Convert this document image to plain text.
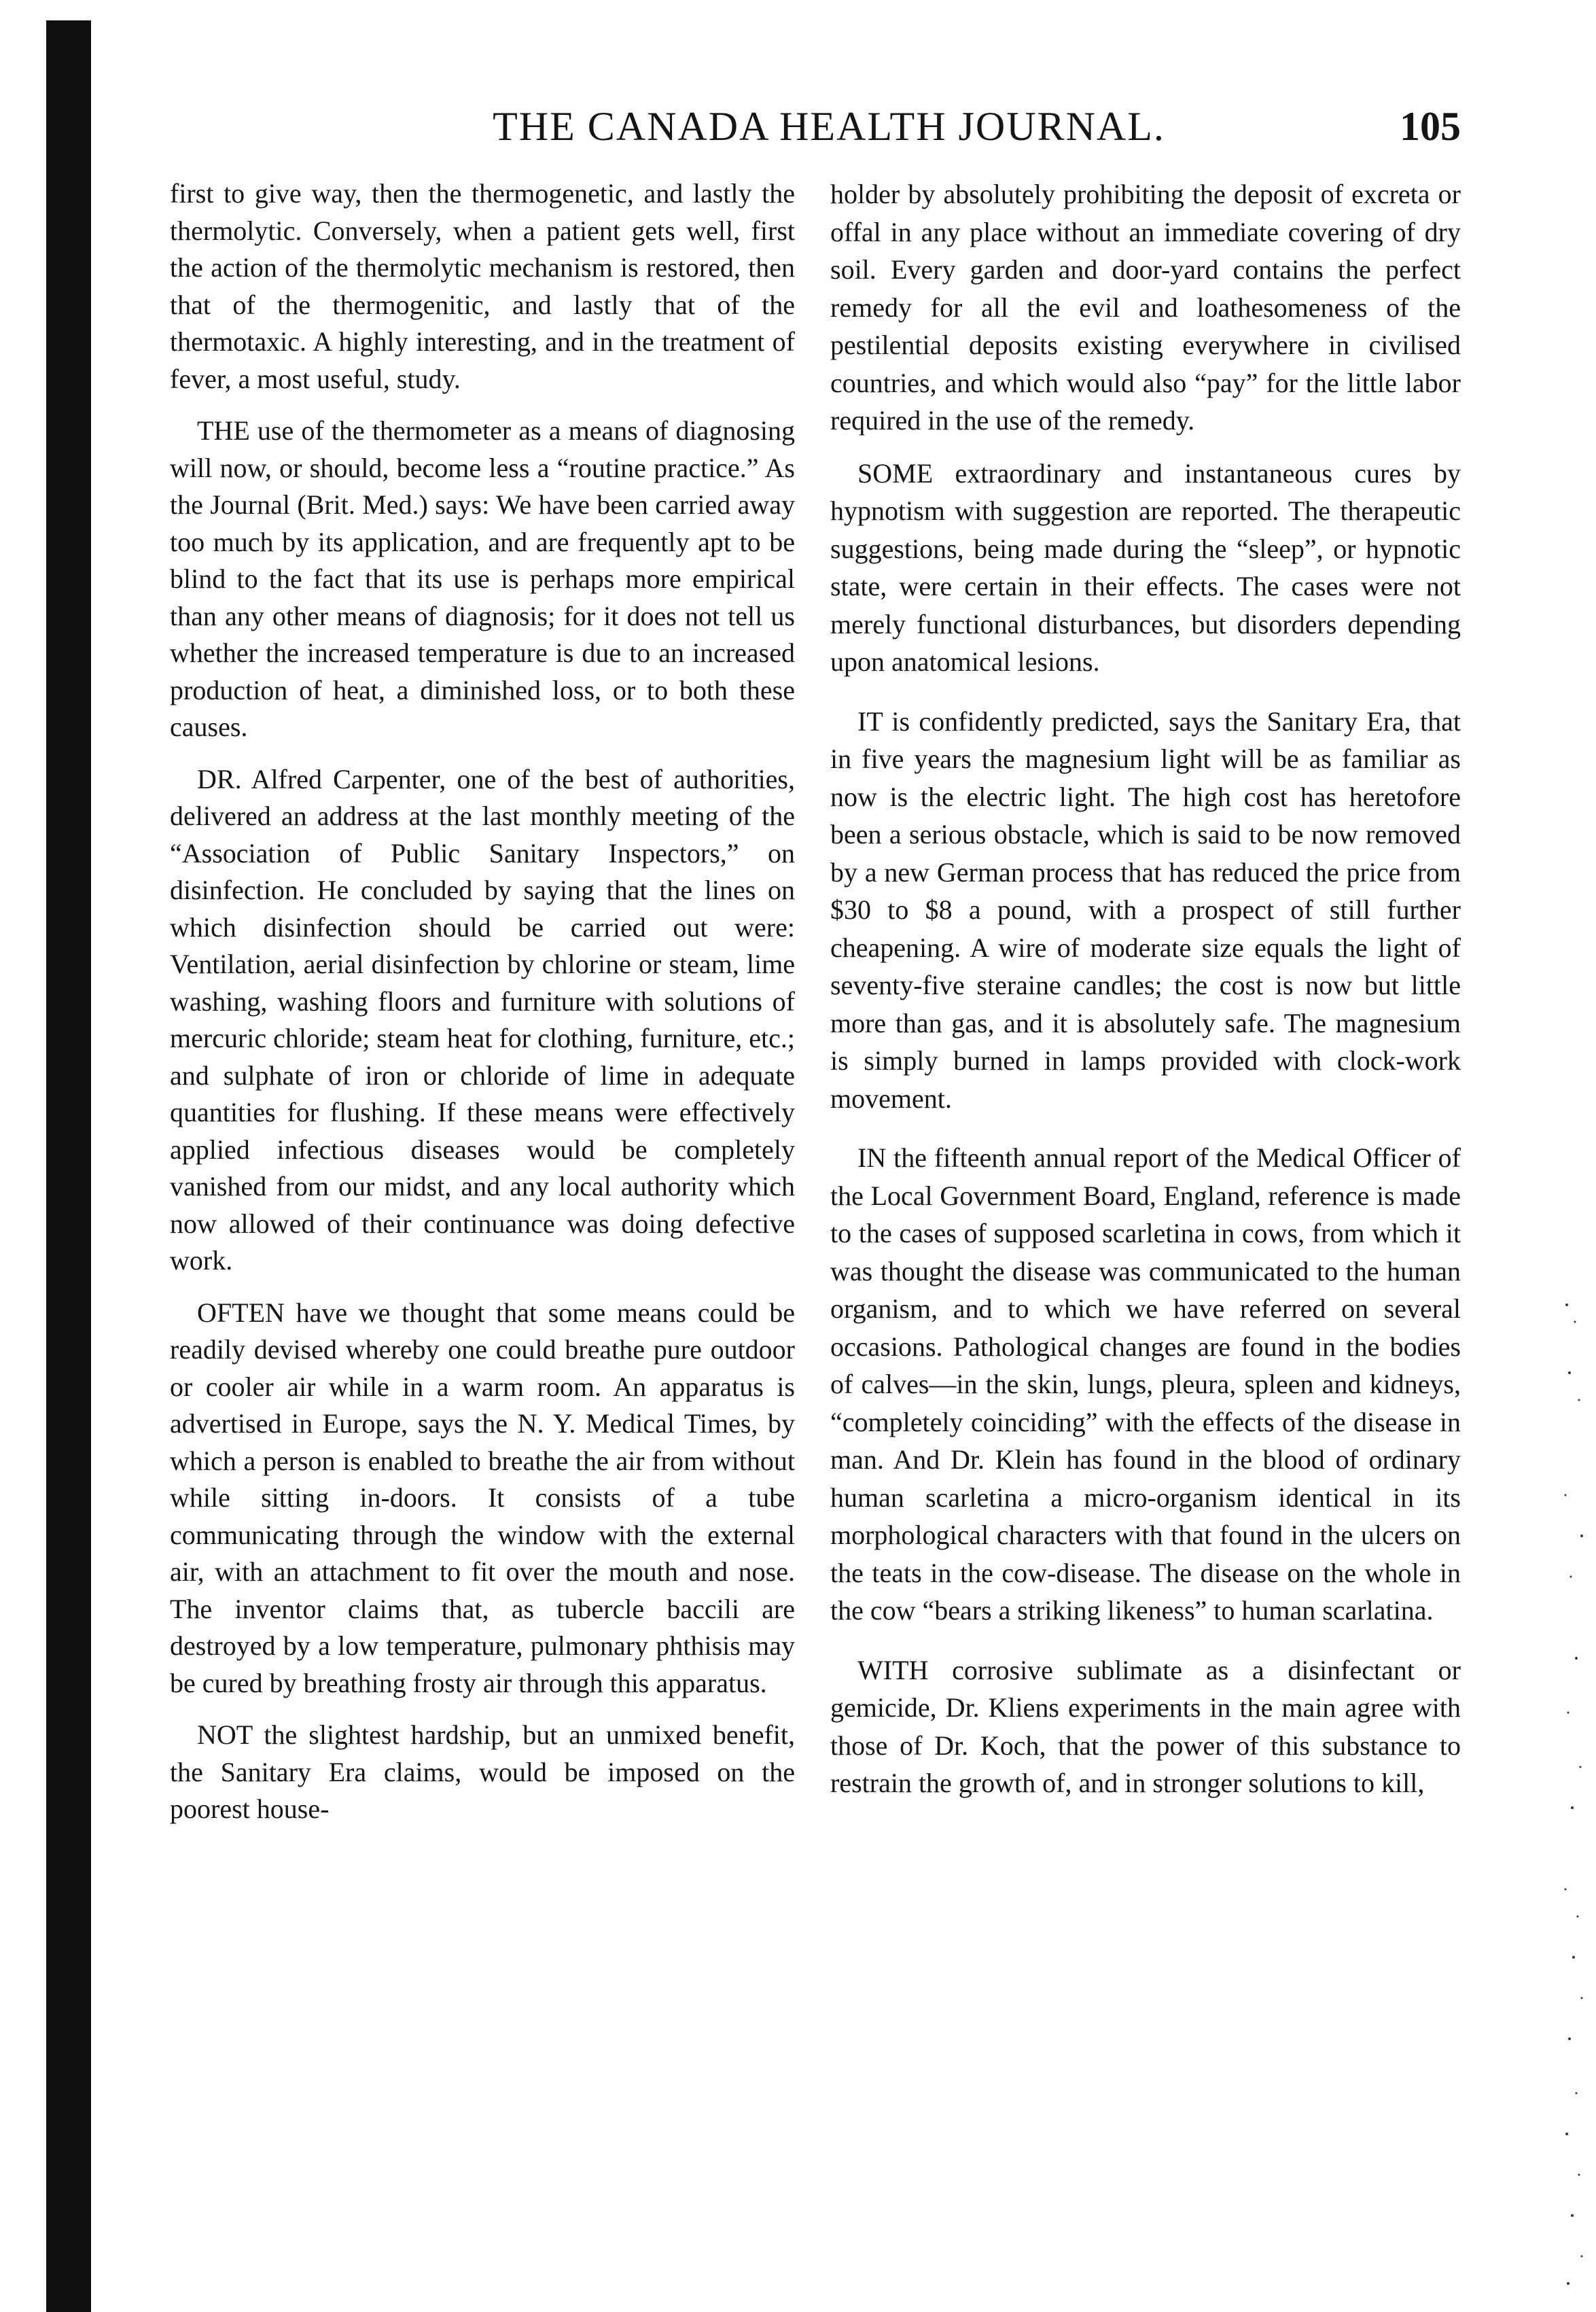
THE CANADA HEALTH JOURNAL.	105

first to give way, then the thermogenetic, and lastly the thermolytic. Conversely, when a patient gets well, first the action of the thermolytic mechanism is restored, then that of the thermogenitic, and lastly that of the thermotaxic. A highly interesting, and in the treatment of fever, a most useful, study.

THE use of the thermometer as a means of diagnosing will now, or should, become less a “routine practice.” As the Journal (Brit. Med.) says: We have been carried away too much by its application, and are frequently apt to be blind to the fact that its use is perhaps more empirical than any other means of diagnosis; for it does not tell us whether the increased temperature is due to an increased production of heat, a diminished loss, or to both these causes.

DR. Alfred Carpenter, one of the best of authorities, delivered an address at the last monthly meeting of the “Association of Public Sanitary Inspectors,” on disinfection. He concluded by saying that the lines on which disinfection should be carried out were: Ventilation, aerial disinfection by chlorine or steam, lime washing, washing floors and furniture with solutions of mercuric chloride; steam heat for clothing, furniture, etc.; and sulphate of iron or chloride of lime in adequate quantities for flushing. If these means were effectively applied infectious diseases would be completely vanished from our midst, and any local authority which now allowed of their continuance was doing defective work.

OFTEN have we thought that some means could be readily devised whereby one could breathe pure outdoor or cooler air while in a warm room. An apparatus is advertised in Europe, says the N. Y. Medical Times, by which a person is enabled to breathe the air from without while sitting in-doors. It consists of a tube communicating through the window with the external air, with an attachment to fit over the mouth and nose. The inventor claims that, as tubercle baccili are destroyed by a low temperature, pulmonary phthisis may be cured by breathing frosty air through this apparatus.

NOT the slightest hardship, but an unmixed benefit, the Sanitary Era claims, would be imposed on the poorest house-

holder by absolutely prohibiting the deposit of excreta or offal in any place without an immediate covering of dry soil. Every garden and door-yard contains the perfect remedy for all the evil and loathesomeness of the pestilential deposits existing everywhere in civilised countries, and which would also “pay” for the little labor required in the use of the remedy.

SOME extraordinary and instantaneous cures by hypnotism with suggestion are reported. The therapeutic suggestions, being made during the “sleep”, or hypnotic state, were certain in their effects. The cases were not merely functional disturbances, but disorders depending upon anatomical lesions.

IT is confidently predicted, says the Sanitary Era, that in five years the magnesium light will be as familiar as now is the electric light. The high cost has heretofore been a serious obstacle, which is said to be now removed by a new German process that has reduced the price from $30 to $8 a pound, with a prospect of still further cheapening. A wire of moderate size equals the light of seventy-five steraine candles; the cost is now but little more than gas, and it is absolutely safe. The magnesium is simply burned in lamps provided with clock-work movement.

IN the fifteenth annual report of the Medical Officer of the Local Government Board, England, reference is made to the cases of supposed scarletina in cows, from which it was thought the disease was communicated to the human organism, and to which we have referred on several occasions. Pathological changes are found in the bodies of calves—in the skin, lungs, pleura, spleen and kidneys, “completely coinciding” with the effects of the disease in man. And Dr. Klein has found in the blood of ordinary human scarletina a micro-organism identical in its morphological characters with that found in the ulcers on the teats in the cow-disease. The disease on the whole in the cow “bears a striking likeness” to human scarlatina.

WITH corrosive sublimate as a disinfectant or gemicide, Dr. Kliens experiments in the main agree with those of Dr. Koch, that the power of this substance to restrain the growth of, and in stronger solutions to kill,
